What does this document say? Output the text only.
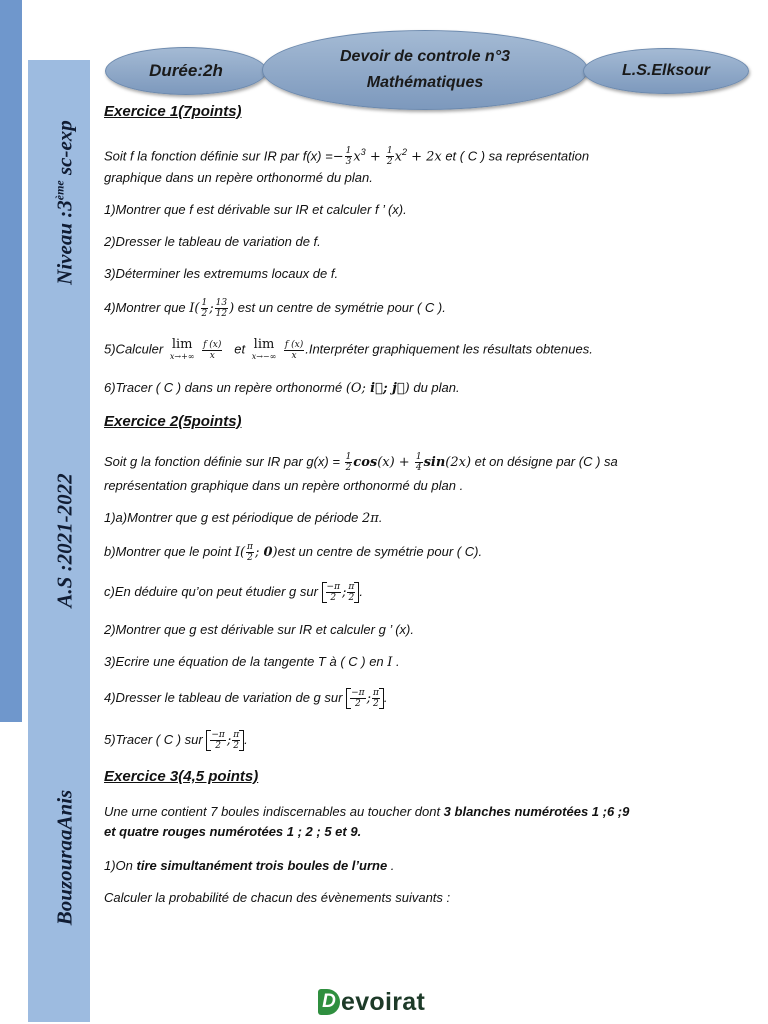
Niveau :3ème sc-exp
A.S :2021-2022
BouzouraaAnis
Durée:2h
Devoir de controle n°3
Mathématiques
L.S.Elksour
Exercice 1(7points)
Soit f la fonction définie sur IR par $f(x) =- \frac{1}{3} x^3 + \frac{1}{2} x^2 + 2x$ et ( C ) sa représentation
graphique dans un repère orthonormé du plan.
1)Montrer que f est dérivable sur IR et calculer f ’ (x).
2)Dresser le tableau de variation de f.
3)Déterminer les extremums locaux de f.
4)Montrer que $I( \frac{1}{2}$ ; $\frac{13}{12}$ ) est un centre de symétrie pour ( C ).
5)Calculer lim
x→+∞
$\frac{f (x)}{x}$ et lim
x→−∞
$\frac{f (x)}{x}$ .Interpréter graphiquement les résultats obtenues.
6)Tracer ( C ) dans un repère orthonormé (O; i⃗; j⃗) du plan.
Exercice 2(5points)
Soit g la fonction définie sur IR par $g(x) = \frac{1}{2} \cos(x) + \frac{1}{4} \sin(2x)$ et on désigne par (C ) sa
représentation graphique dans un repère orthonormé du plan .
1)a)Montrer que g est périodique de période 2π.
b)Montrer que le point $I( \frac{\pi}{2}$ ; 0)est un centre de symétrie pour ( C).
c)En déduire qu’on peut étudier g sur $\frac{-\pi}{2}$ ; $\frac{\pi}{2}$ .
2)Montrer que g est dérivable sur IR et calculer g ’ (x).
3)Ecrire une équation de la tangente T à ( C ) en I .
4)Dresser le tableau de variation de g sur $\frac{-\pi}{2}$ ; $\frac{\pi}{2}$ .
5)Tracer ( C ) sur $\frac{-\pi}{2}$ ; $\frac{\pi}{2}$ .
Exercice 3(4,5 points)
Une urne contient 7 boules indiscernables au toucher dont 3 blanches numérotées 1 ;6 ;9
et quatre rouges numérotées 1 ; 2 ; 5 et 9.
1)On tire simultanément trois boules de l’urne .
Calculer la probabilité de chacun des évènements suivants :
D evoirat
